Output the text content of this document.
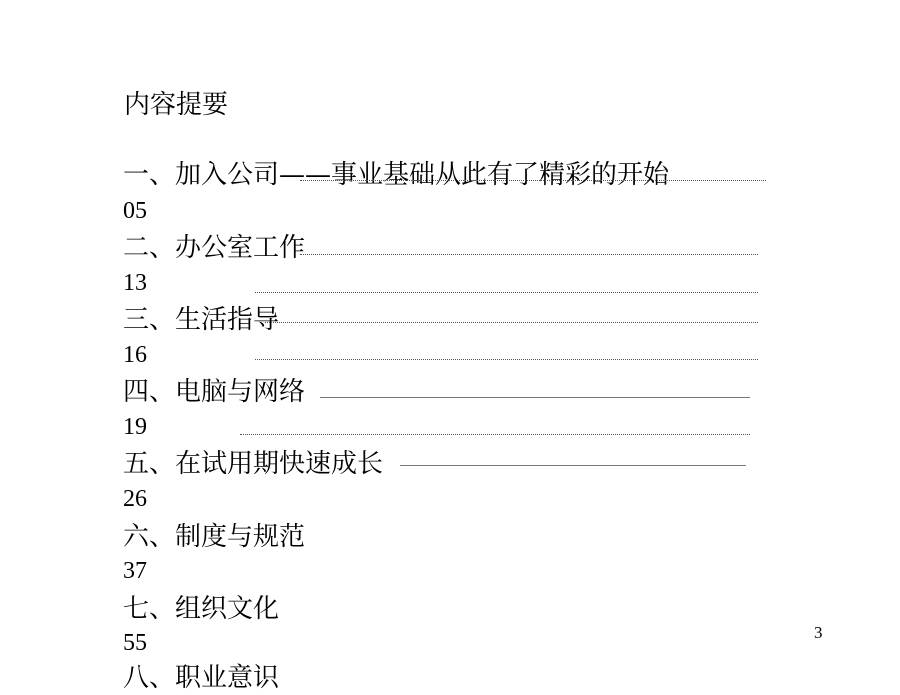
内容提要
一、加入公司——事业基础从此有了精彩的开始
05
二、办公室工作
13
三、生活指导
16
四、电脑与网络
19
五、在试用期快速成长
26
六、制度与规范
37
七、组织文化
55
八、职业意识
3
